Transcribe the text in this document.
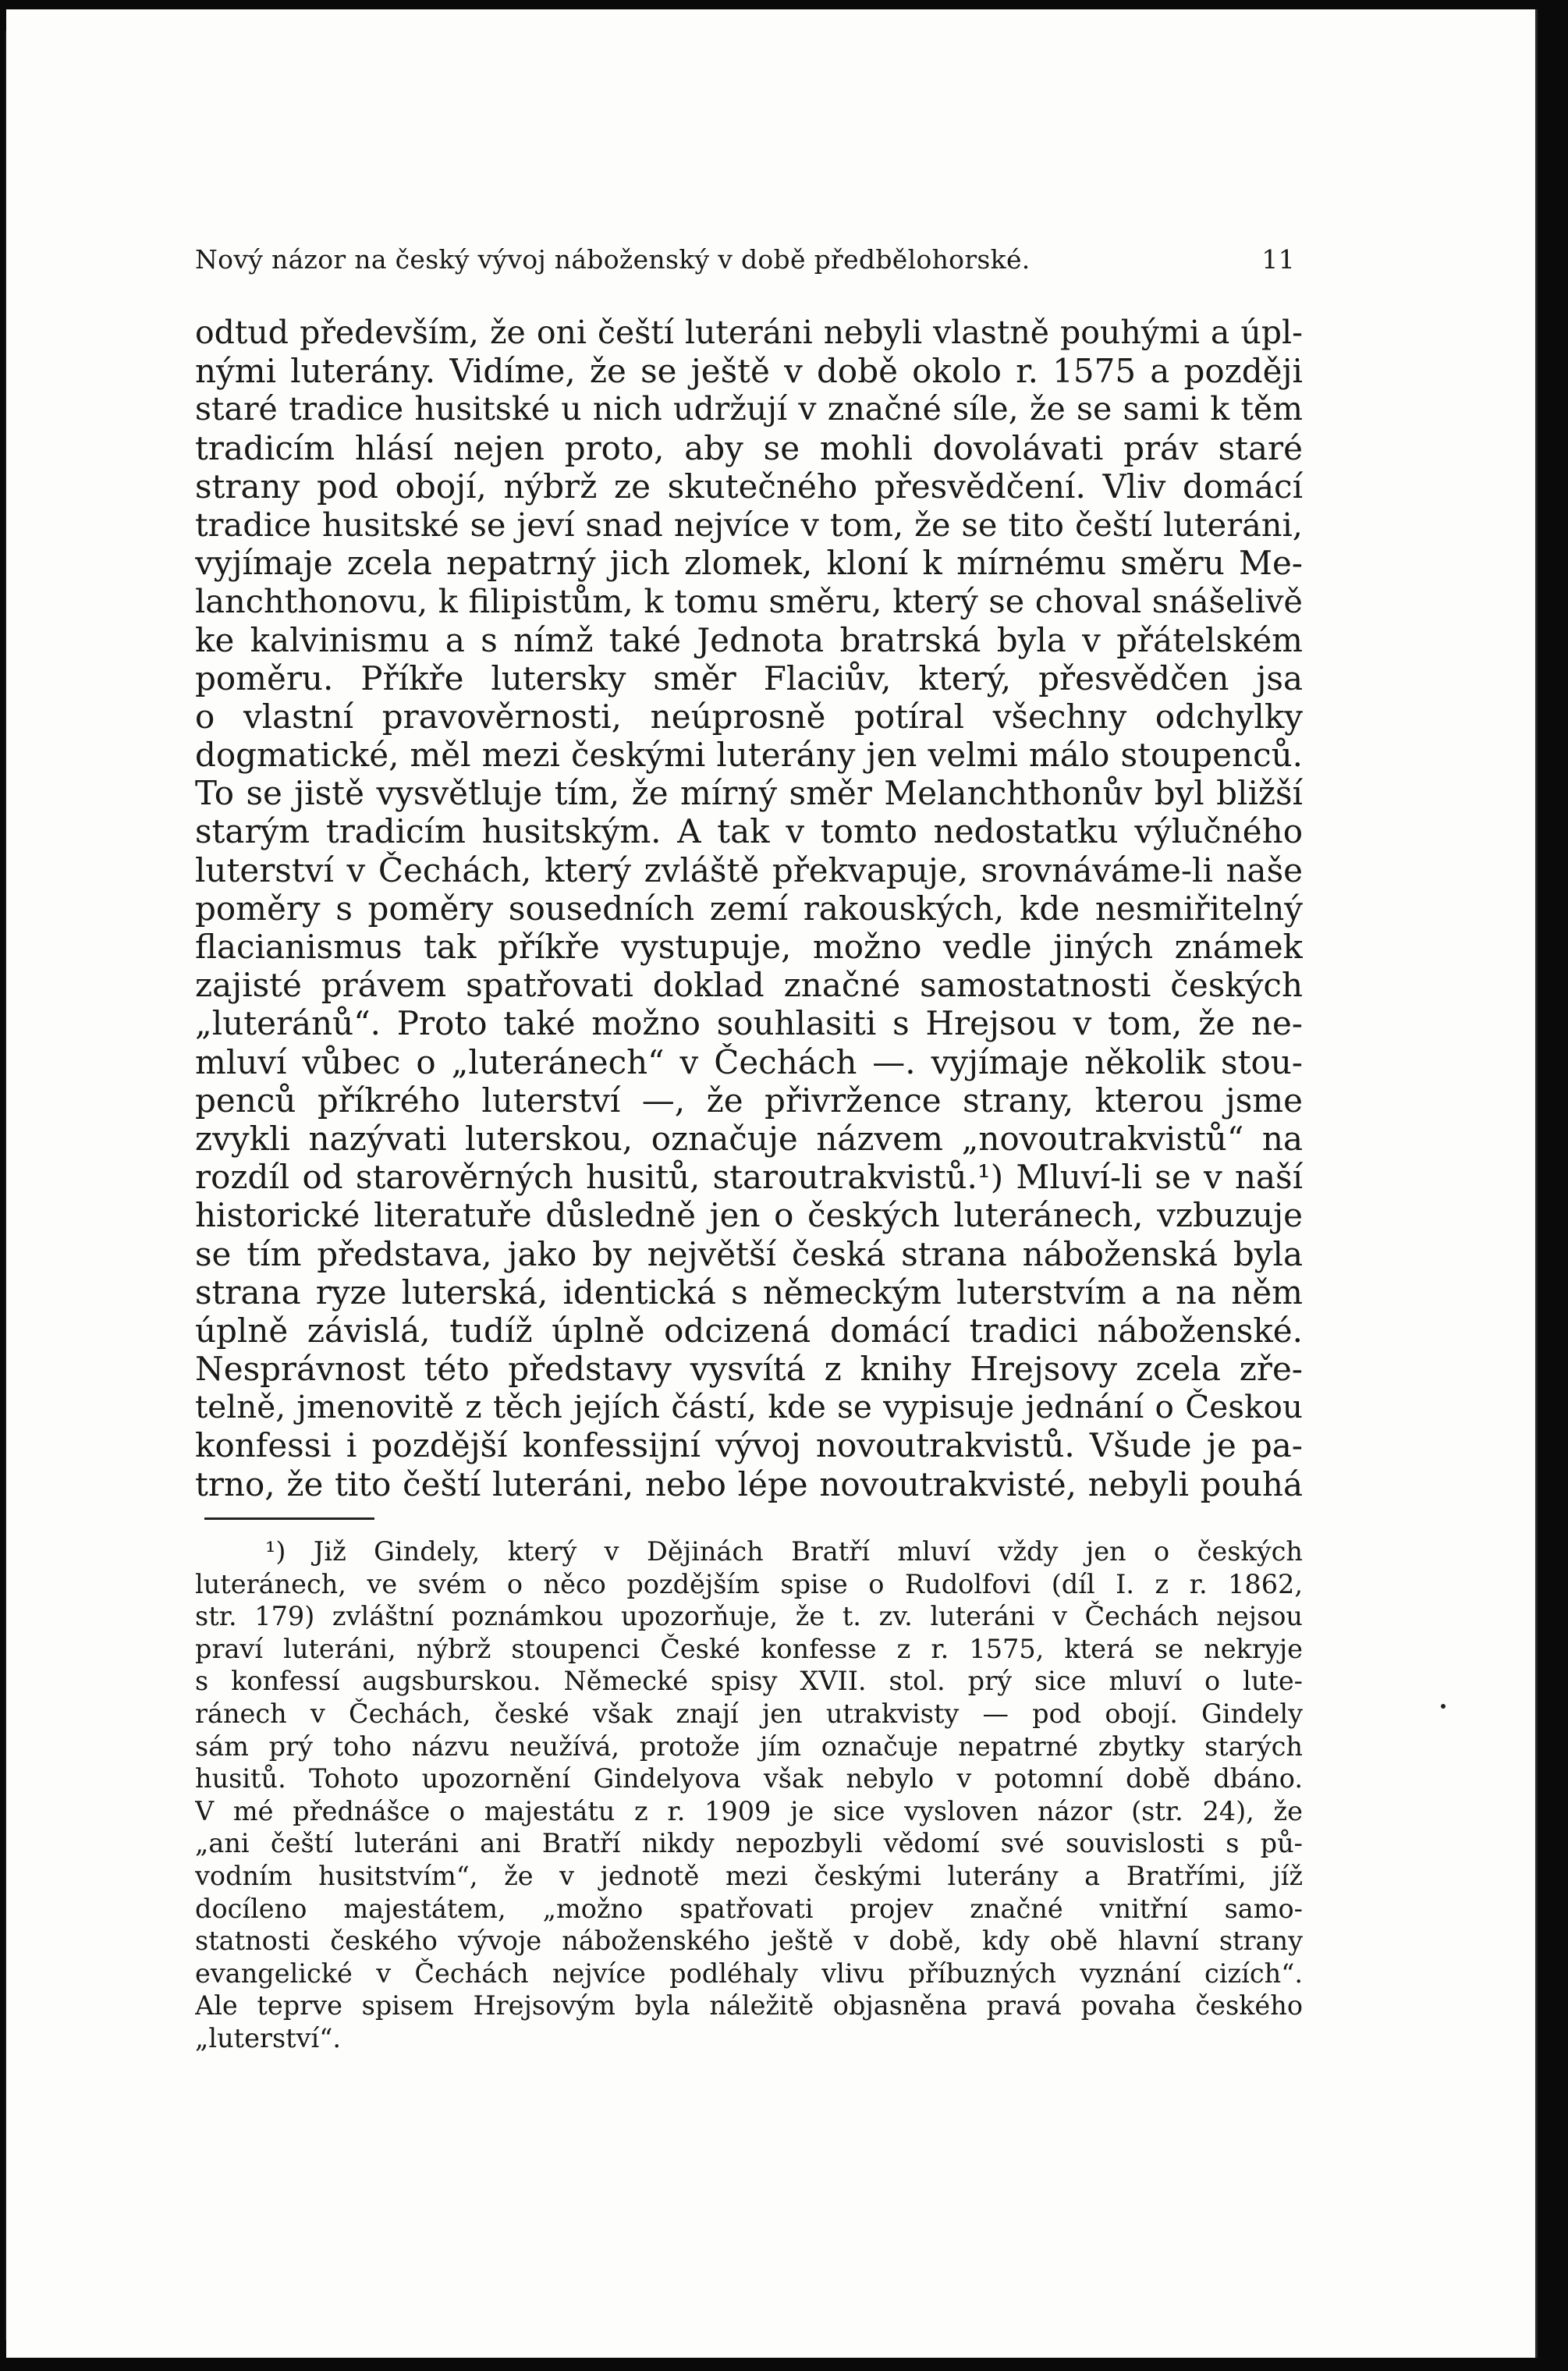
Nový názor na český vývoj náboženský v době předbělohorské.	11
odtud především, že oni čeští luteráni nebyli vlastně pouhými a úpl-
nými luterány. Vidíme, že se ještě v době okolo r. 1575 a později
staré tradice husitské u nich udržují v značné síle, že se sami k těm
tradicím hlásí nejen proto, aby se mohli dovolávati práv staré
strany pod obojí, nýbrž ze skutečného přesvědčení. Vliv domácí
tradice husitské se jeví snad nejvíce v tom, že se tito čeští luteráni,
vyjímaje zcela nepatrný jich zlomek, kloní k mírnému směru Me-
lanchthonovu, k filipistům, k tomu směru, který se choval snášelivě
ke kalvinismu a s nímž také Jednota bratrská byla v přátelském
poměru. Příkře lutersky směr Flaciův, který, přesvědčen jsa
o vlastní pravověrnosti, neúprosně potíral všechny odchylky
dogmatické, měl mezi českými luterány jen velmi málo stoupenců.
To se jistě vysvětluje tím, že mírný směr Melanchthonův byl bližší
starým tradicím husitským. A tak v tomto nedostatku výlučného
luterství v Čechách, který zvláště překvapuje, srovnáváme-li naše
poměry s poměry sousedních zemí rakouských, kde nesmiřitelný
flacianismus tak příkře vystupuje, možno vedle jiných známek
zajisté právem spatřovati doklad značné samostatnosti českých
„luteránů“. Proto také možno souhlasiti s Hrejsou v tom, že ne-
mluví vůbec o „luteránech“ v Čechách —. vyjímaje několik stou-
penců příkrého luterství —, že přivržence strany, kterou jsme
zvykli nazývati luterskou, označuje názvem „novoutrakvistů“ na
rozdíl od starověrných husitů, staroutrakvistů.¹) Mluví-li se v naší
historické literatuře důsledně jen o českých luteránech, vzbuzuje
se tím představa, jako by největší česká strana náboženská byla
strana ryze luterská, identická s německým luterstvím a na něm
úplně závislá, tudíž úplně odcizená domácí tradici náboženské.
Nesprávnost této představy vysvítá z knihy Hrejsovy zcela zře-
telně, jmenovitě z těch jejích částí, kde se vypisuje jednání o Českou
konfessi i pozdější konfessijní vývoj novoutrakvistů. Všude je pa-
trno, že tito čeští luteráni, nebo lépe novoutrakvisté, nebyli pouhá
¹) Již Gindely, který v Dějinách Bratří mluví vždy jen o českých
luteránech, ve svém o něco pozdějším spise o Rudolfovi (díl I. z r. 1862,
str. 179) zvláštní poznámkou upozorňuje, že t. zv. luteráni v Čechách nejsou
praví luteráni, nýbrž stoupenci České konfesse z r. 1575, která se nekryje
s konfessí augsburskou. Německé spisy XVII. stol. prý sice mluví o lute-
ránech v Čechách, české však znají jen utrakvisty — pod obojí. Gindely
sám prý toho názvu neužívá, protože jím označuje nepatrné zbytky starých
husitů. Tohoto upozornění Gindelyova však nebylo v potomní době dbáno.
V mé přednášce o majestátu z r. 1909 je sice vysloven názor (str. 24), že
„ani čeští luteráni ani Bratří nikdy nepozbyli vědomí své souvislosti s pů-
vodním husitstvím“, že v jednotě mezi českými luterány a Bratřími, jíž
docíleno majestátem, „možno spatřovati projev značné vnitřní samo-
statnosti českého vývoje náboženského ještě v době, kdy obě hlavní strany
evangelické v Čechách nejvíce podléhaly vlivu příbuzných vyznání cizích“.
Ale teprve spisem Hrejsovým byla náležitě objasněna pravá povaha českého
„luterství“.
